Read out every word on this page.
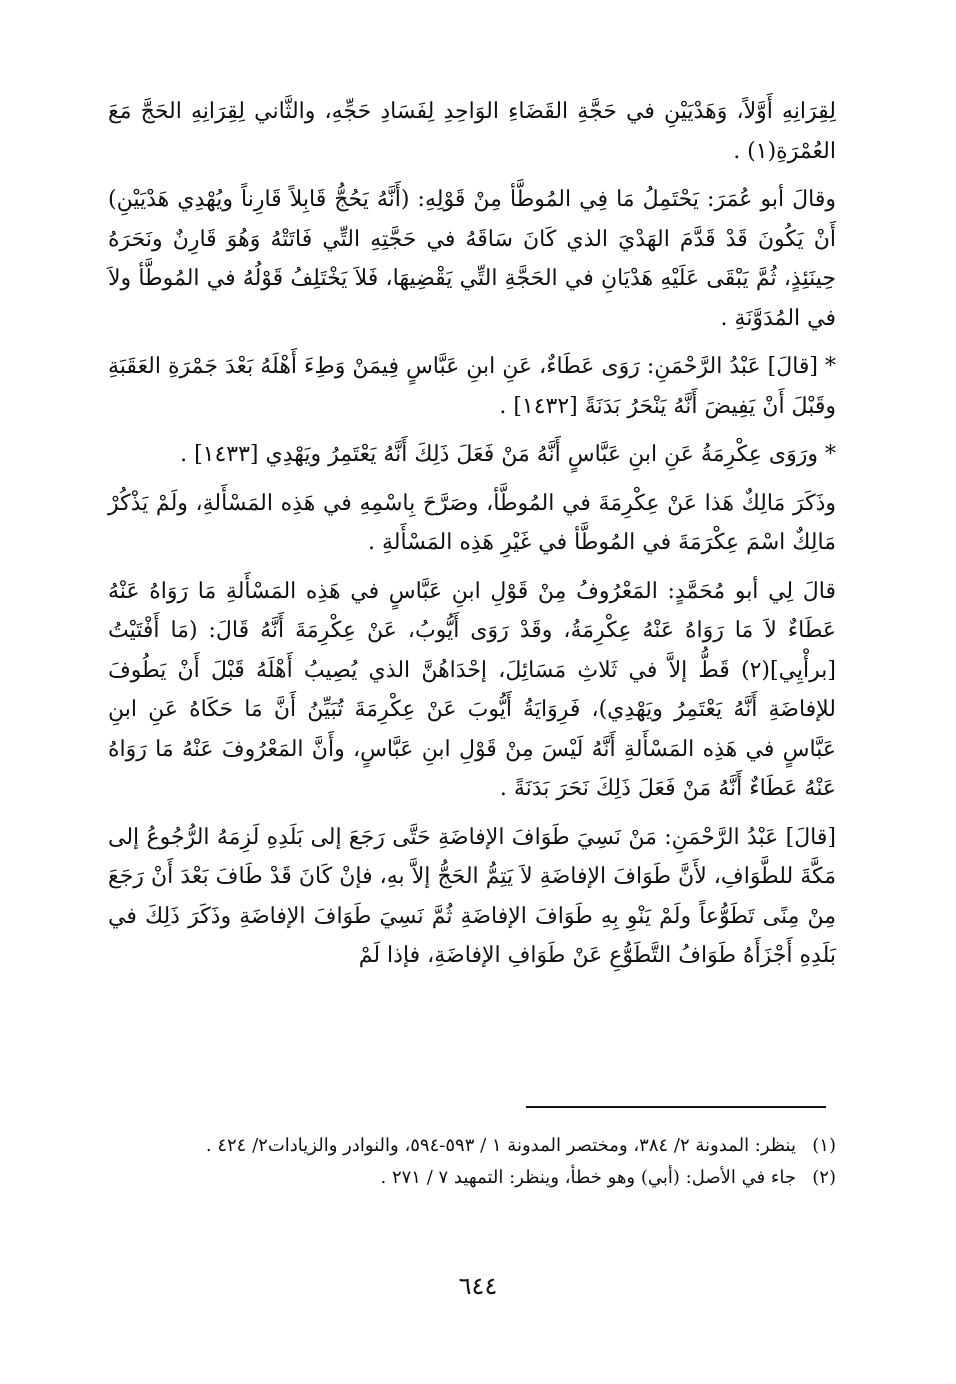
لِقِرَانِهِ أَوَّلاً، وَهَدْيَيْنِ في حَجَّةِ القَضَاءِ الوَاحِدِ لِفَسَادِ حَجِّهِ، والثَّاني لِقِرَانِهِ الحَجَّ مَعَ العُمْرَةِ(١) .

وقالَ أبو عُمَرَ: يَحْتَمِلُ مَا فِي المُوطَّأ مِنْ قَوْلِهِ: (أَنَّهُ يَحُجُّ قَابِلاً قَارِناً ويُهْدِي هَدْيَيْنِ) أَنْ يَكُونَ قَدْ قَدَّمَ الهَدْيَ الذي كَانَ سَاقَهُ في حَجَّتِهِ التِّي فَاتَتْهُ وَهُوَ قَارِنٌ ونَحَرَهُ حِينَئِذٍ، ثُمَّ يَبْقَى عَلَيْهِ هَدْيَانِ في الحَجَّةِ التِّي يَقْضِيهَا، فَلاَ يَخْتَلِفُ قَوْلُهُ في المُوطَّأ ولاَ في المُدَوَّنَةِ .

* [قالَ] عَبْدُ الرَّحْمَنِ: رَوَى عَطَاءٌ، عَنِ ابنِ عَبَّاسٍ فِيمَنْ وَطِءَ أَهْلَهُ بَعْدَ جَمْرَةِ العَقَبَةِ وقَبْلَ أَنْ يَفِيضَ أَنَّهُ يَنْحَرُ بَدَنَةً [١٤٣٢] .

* ورَوَى عِكْرِمَةُ عَنِ ابنِ عَبَّاسٍ أَنَّهُ مَنْ فَعَلَ ذَلِكَ أَنَّهُ يَعْتَمِرُ ويَهْدِي [١٤٣٣] .

وذَكَرَ مَالِكٌ هَذا عَنْ عِكْرِمَةَ في المُوطَّأ، وصَرَّحَ بِاسْمِهِ في هَذِه المَسْأَلةِ، ولَمْ يَذْكُرْ مَالِكٌ اسْمَ عِكْرَمَةَ في المُوطَّأ في غَيْرِ هَذِه المَسْأَلةِ .

قالَ لِي أبو مُحَمَّدٍ: المَعْرُوفُ مِنْ قَوْلِ ابنِ عَبَّاسٍ في هَذِه المَسْأَلةِ مَا رَوَاهُ عَنْهُ عَطَاءٌ لاَ مَا رَوَاهُ عَنْهُ عِكْرِمَةُ، وقَدْ رَوَى أَيُّوبُ، عَنْ عِكْرِمَةَ أَنَّهُ قَالَ: (مَا أَفْتَيْتُ [برأْيِي](٢) قَطُّ إلاَّ في ثَلاثِ مَسَائِلَ، إحْدَاهُنَّ الذي يُصِيبُ أَهْلَهُ قَبْلَ أَنْ يَطُوفَ للإفاضَةِ أَنَّهُ يَعْتَمِرُ ويَهْدِي)، فَرِوَايَةُ أَيُّوبَ عَنْ عِكْرِمَةَ تُبَيِّنُ أَنَّ مَا حَكَاهُ عَنِ ابنِ عَبَّاسٍ في هَذِه المَسْأَلةِ أَنَّهُ لَيْسَ مِنْ قَوْلِ ابنِ عَبَّاسٍ، وأَنَّ المَعْرُوفَ عَنْهُ مَا رَوَاهُ عَنْهُ عَطَاءٌ أَنَّهُ مَنْ فَعَلَ ذَلِكَ نَحَرَ بَدَنَةً .

[قالَ] عَبْدُ الرَّحْمَنِ: مَنْ نَسِيَ طَوَافَ الإفاضَةِ حَتَّى رَجَعَ إلى بَلَدِهِ لَزِمَهُ الرُّجُوعُ إلى مَكَّةَ للطَّوَافِ، لأَنَّ طَوَافَ الإفاضَةِ لاَ يَتِمُّ الحَجُّ إلاَّ بهِ، فإنْ كَانَ قَدْ طَافَ بَعْدَ أَنْ رَجَعَ مِنْ مِنًى تَطَوُّعاً ولَمْ يَنْوِ بِهِ طَوَافَ الإفاضَةِ ثُمَّ نَسِيَ طَوَافَ الإفاضَةِ وذَكَرَ ذَلِكَ في بَلَدِهِ أَجْزَأَهُ طَوَافُ التَّطَوُّعِ عَنْ طَوَافِ الإفاضَةِ، فإذا لَمْ

(١)
ينظر: المدونة ٢/ ٣٨٤، ومختصر المدونة ١ / ٥٩٣-٥٩٤، والنوادر والزيادات٢/ ٤٢٤ .
(٢)
جاء في الأصل: (أبي) وهو خطأ، وينظر: التمهيد ٧ / ٢٧١ .
٦٤٤
